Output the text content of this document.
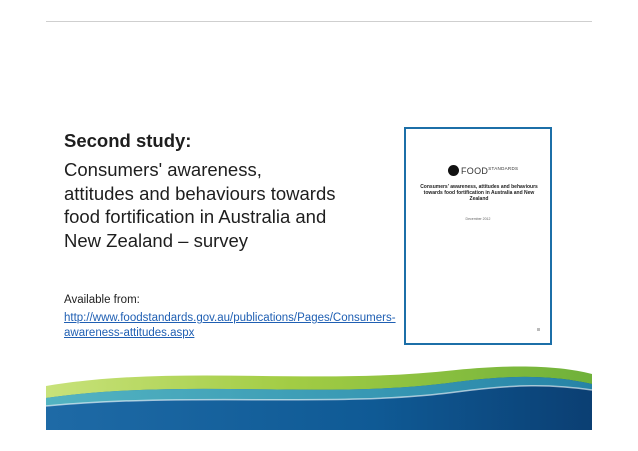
Second study:
Consumers' awareness,
attitudes and behaviours towards
food fortification in Australia and
New Zealand – survey
Available from:
http://www.foodstandards.gov.au/publications/Pages/Consumers-awareness-attitudes.aspx
$FOOD^{STANDARDS}$
Consumers' awareness, attitudes and behaviours towards food fortification in Australia and New Zealand
December 2012
